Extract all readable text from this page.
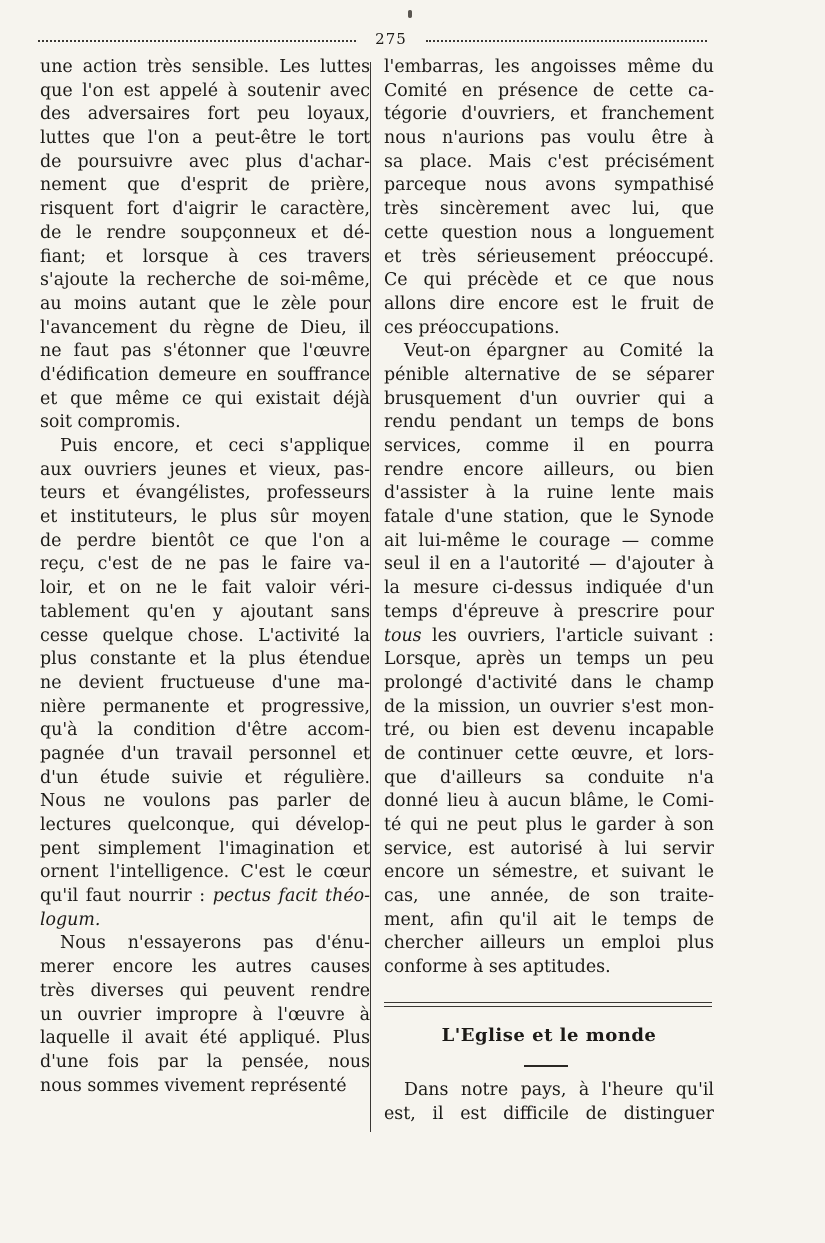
275
une action très sensible. Les luttes
que l'on est appelé à soutenir avec
des adversaires fort peu loyaux,
luttes que l'on a peut-être le tort
de poursuivre avec plus d'achar-
nement que d'esprit de prière,
risquent fort d'aigrir le caractère,
de le rendre soupçonneux et dé-
fiant; et lorsque à ces travers
s'ajoute la recherche de soi-même,
au moins autant que le zèle pour
l'avancement du règne de Dieu, il
ne faut pas s'étonner que l'œuvre
d'édification demeure en souffrance
et que même ce qui existait déjà
soit compromis.
Puis encore, et ceci s'applique
aux ouvriers jeunes et vieux, pas-
teurs et évangélistes, professeurs
et instituteurs, le plus sûr moyen
de perdre bientôt ce que l'on a
reçu, c'est de ne pas le faire va-
loir, et on ne le fait valoir véri-
tablement qu'en y ajoutant sans
cesse quelque chose. L'activité la
plus constante et la plus étendue
ne devient fructueuse d'une ma-
nière permanente et progressive,
qu'à la condition d'être accom-
pagnée d'un travail personnel et
d'un étude suivie et régulière.
Nous ne voulons pas parler de
lectures quelconque, qui dévelop-
pent simplement l'imagination et
ornent l'intelligence. C'est le cœur
qu'il faut nourrir : pectus facit théo-
logum.
Nous n'essayerons pas d'énu-
merer encore les autres causes
très diverses qui peuvent rendre
un ouvrier impropre à l'œuvre à
laquelle il avait été appliqué. Plus
d'une fois par la pensée, nous
nous sommes vivement représenté
l'embarras, les angoisses même du
Comité en présence de cette ca-
tégorie d'ouvriers, et franchement
nous n'aurions pas voulu être à
sa place. Mais c'est précisément
parceque nous avons sympathisé
très sincèrement avec lui, que
cette question nous a longuement
et très sérieusement préoccupé.
Ce qui précède et ce que nous
allons dire encore est le fruit de
ces préoccupations.
Veut-on épargner au Comité la
pénible alternative de se séparer
brusquement d'un ouvrier qui a
rendu pendant un temps de bons
services, comme il en pourra
rendre encore ailleurs, ou bien
d'assister à la ruine lente mais
fatale d'une station, que le Synode
ait lui-même le courage — comme
seul il en a l'autorité — d'ajouter à
la mesure ci-dessus indiquée d'un
temps d'épreuve à prescrire pour
tous les ouvriers, l'article suivant :
Lorsque, après un temps un peu
prolongé d'activité dans le champ
de la mission, un ouvrier s'est mon-
tré, ou bien est devenu incapable
de continuer cette œuvre, et lors-
que d'ailleurs sa conduite n'a
donné lieu à aucun blâme, le Comi-
té qui ne peut plus le garder à son
service, est autorisé à lui servir
encore un sémestre, et suivant le
cas, une année, de son traite-
ment, afin qu'il ait le temps de
chercher ailleurs un emploi plus
conforme à ses aptitudes.
L'Eglise et le monde
Dans notre pays, à l'heure qu'il
est, il est difficile de distinguer
